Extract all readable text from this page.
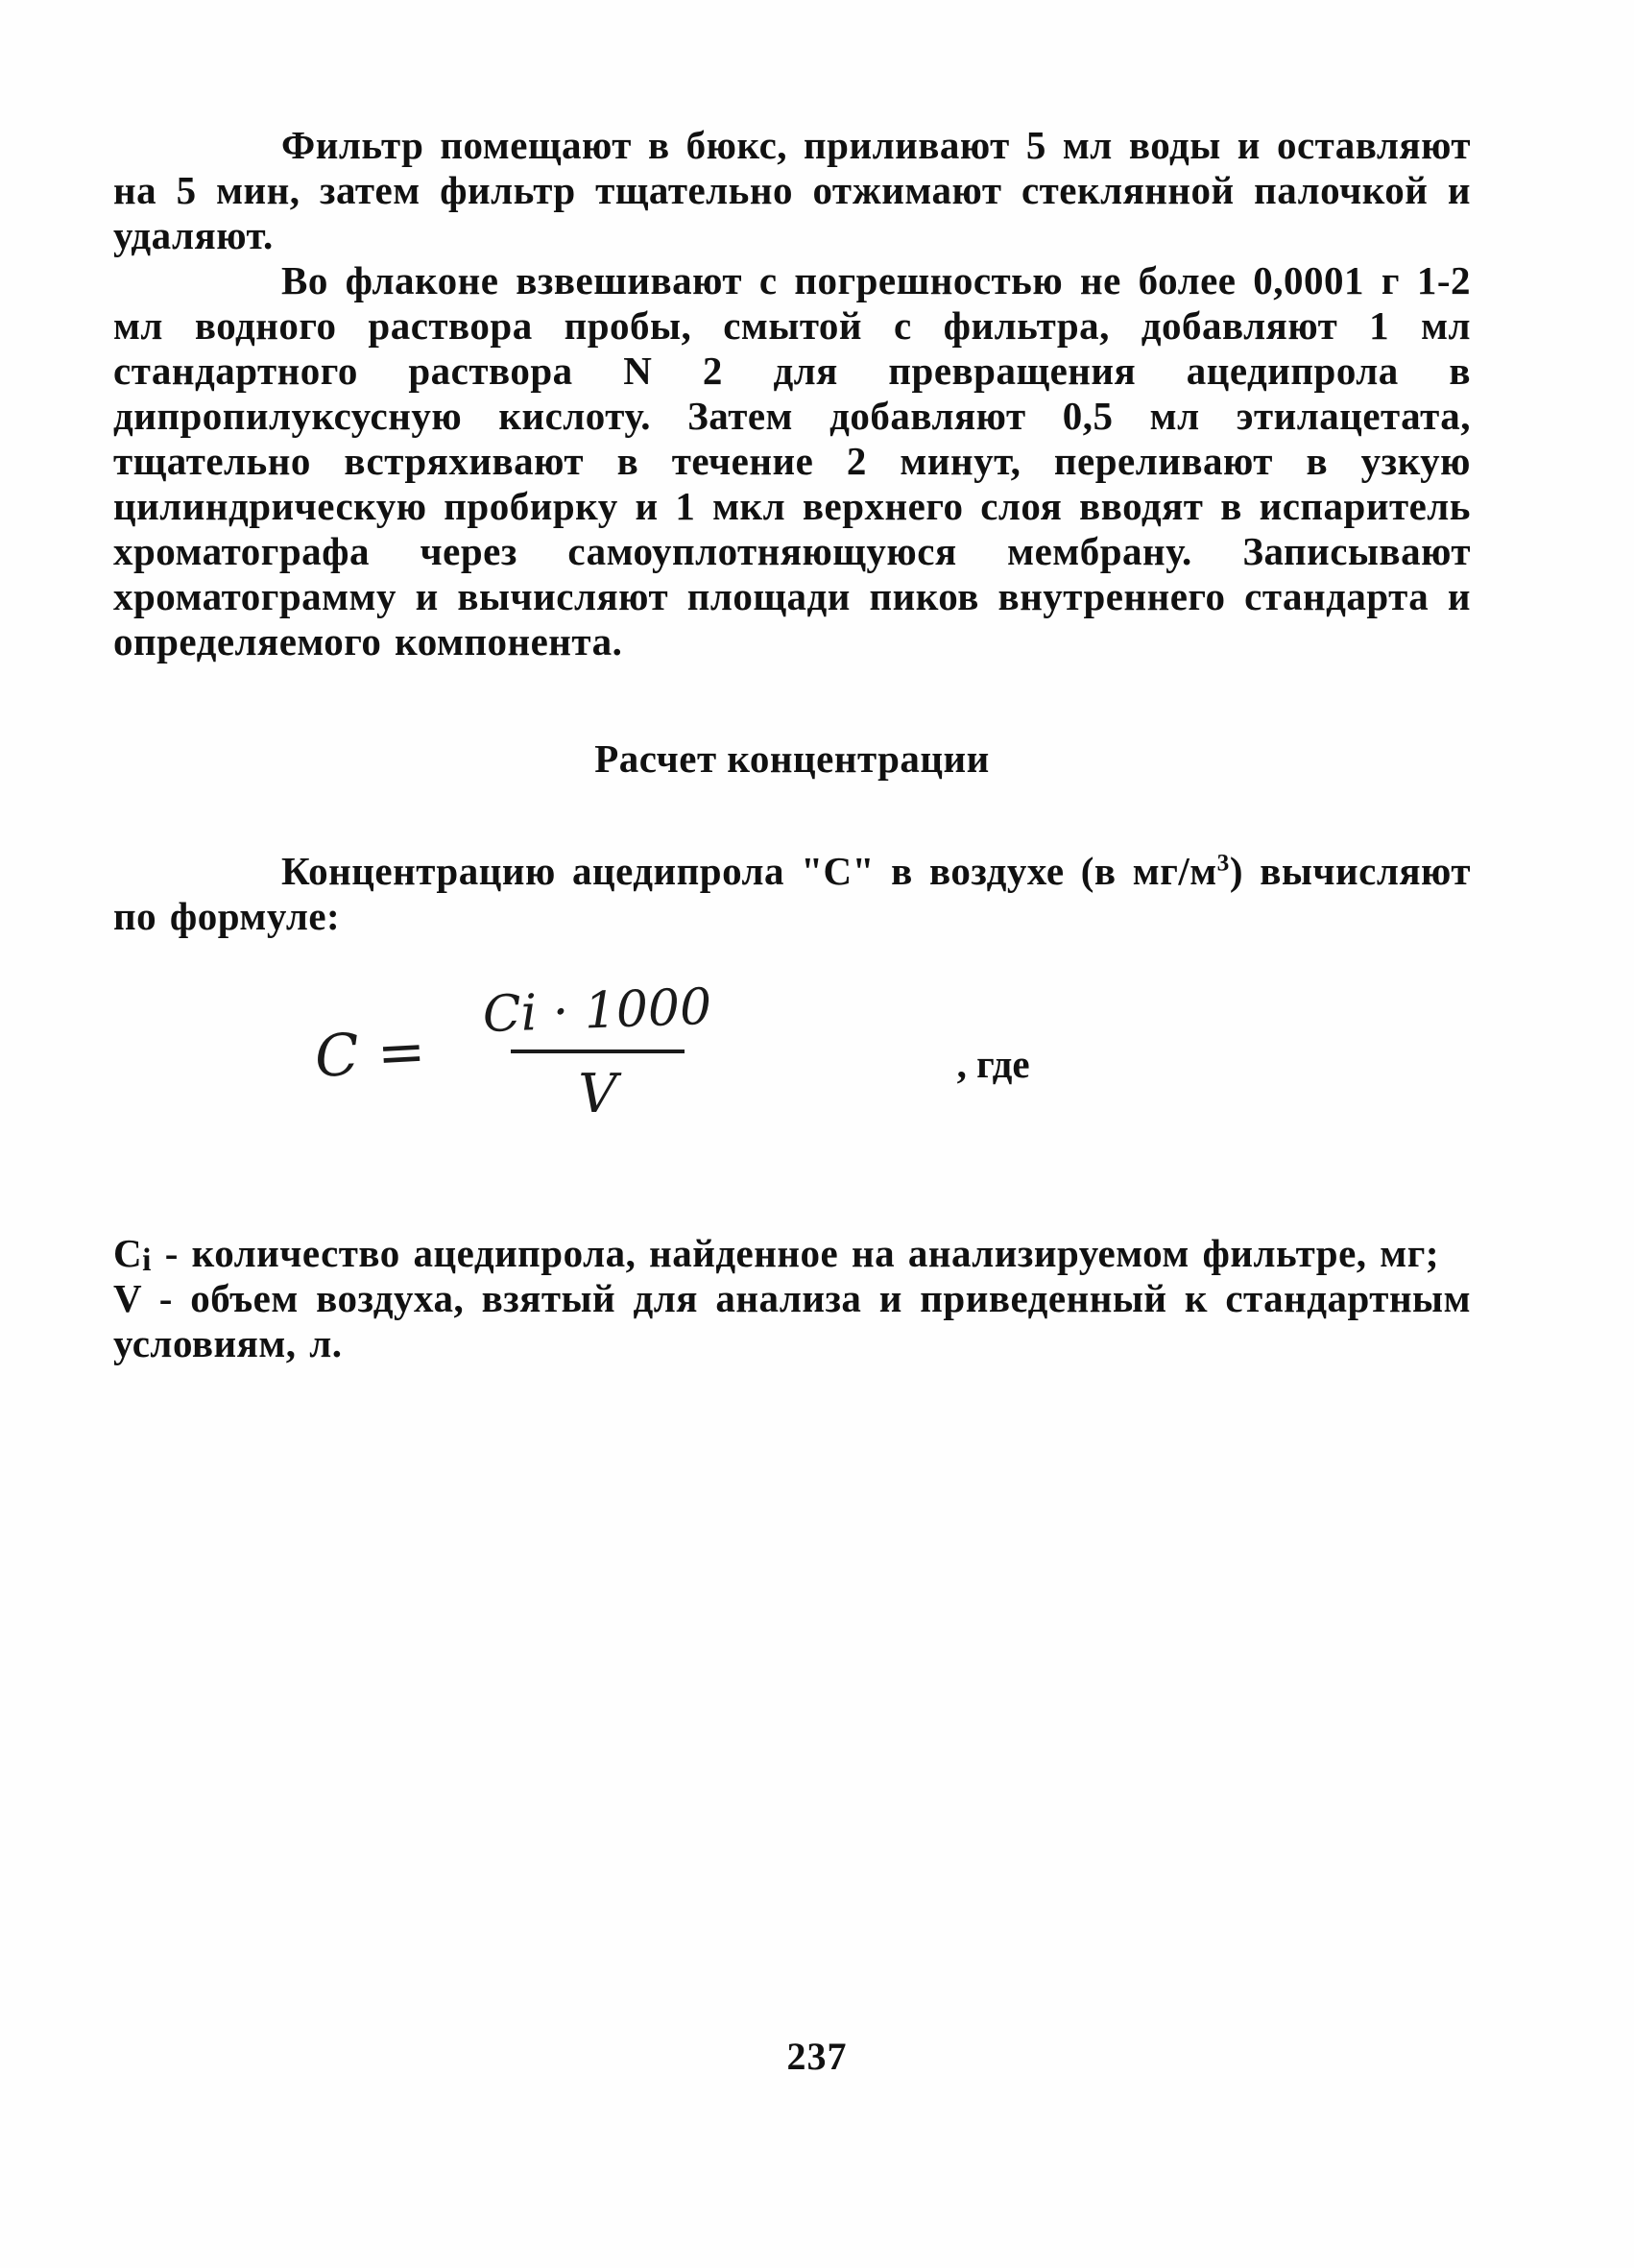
Фильтр помещают в бюкс, приливают 5 мл воды и оставляют на 5 мин, затем фильтр тщательно отжимают стеклянной палочкой и удаляют.

Во флаконе взвешивают с погрешностью не более 0,0001 г 1-2 мл водного раствора пробы, смытой с фильтра, добавляют 1 мл стандартного раствора N 2 для превращения ацедипрола в дипропилуксусную кислоту. Затем добавляют 0,5 мл этилацетата, тщательно встряхивают в течение 2 минут, переливают в узкую цилиндрическую пробирку и 1 мкл верхнего слоя вводят в испаритель хроматографа через самоуплотняющуюся мембрану. Записывают хроматограмму и вычисляют площади пиков внутреннего стандарта и определяемого компонента.

Расчет концентрации

Концентрацию ацедипрола "С" в воздухе (в $мг/м^3$) вычисляют по формуле:

$C = \frac{Ci \cdot 1000}{V}$	, где

Сi - количество ацедипрола, найденное на анализируемом фильтре, мг;

V - объем воздуха, взятый для анализа и приведенный к стандартным условиям, л.

237
